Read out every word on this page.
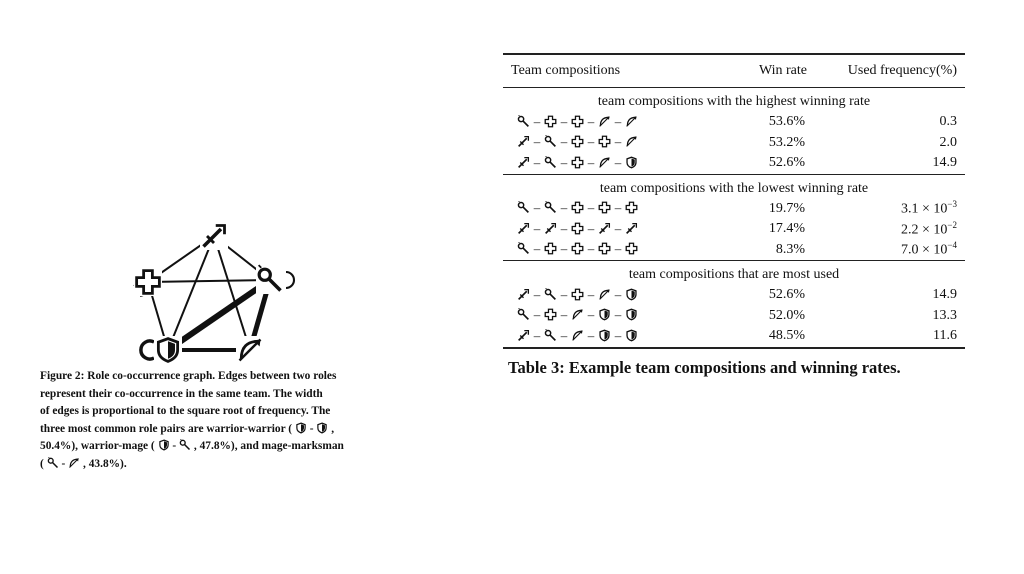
Figure 2: Role co-occurrence graph. Edges between two roles
represent their co-occurrence in the same team. The width
of edges is proportional to the square root of frequency. The
three most common role pairs are warrior-warrior (
-
,
50.4%), warrior-mage (
-
, 47.8%), and mage-marksman
(
-
, 43.8%).
Team compositions	Win rate	Used frequency(%)

team compositions with the highest winning rate		

– – – –	53.6%	0.3

– – – –	53.2%	2.0

– – – –	52.6%	14.9

team compositions with the lowest winning rate		

– – – –	19.7%	$3.1 \times 10^{-3}$

– – – –	17.4%	$2.2 \times 10^{-2}$

– – – –	8.3%	$7.0 \times 10^{-4}$

team compositions that are most used		

– – – –	52.6%	14.9

– – – –	52.0%	13.3

– – – –	48.5%	11.6

Table 3: Example team compositions and winning rates.
